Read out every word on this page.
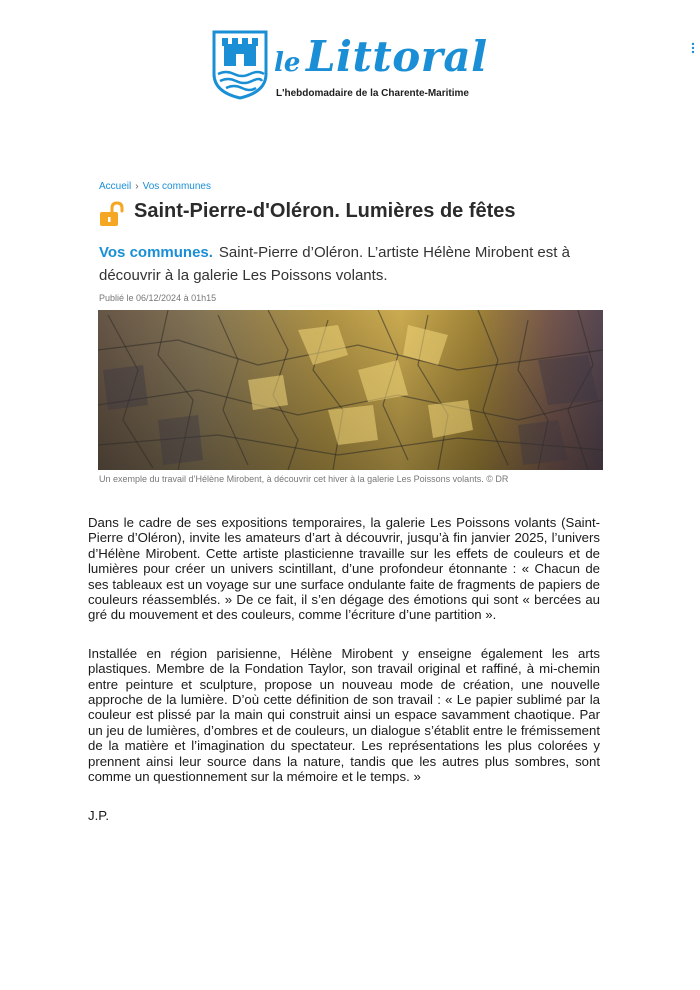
le Littoral
L'hebdomadaire de la Charente-Maritime
Accueil › Vos communes
Saint-Pierre-d'Oléron. Lumières de fêtes
Vos communes. Saint-Pierre d’Oléron. L’artiste Hélène Mirobent est à découvrir à la galerie Les Poissons volants.
Publié le 06/12/2024 à 01h15
Un exemple du travail d’Hélène Mirobent, à découvrir cet hiver à la galerie Les Poissons volants. © DR

Dans le cadre de ses expositions temporaires, la galerie Les Poissons volants (Saint-Pierre d’Oléron), invite les amateurs d’art à découvrir, jusqu’à fin janvier 2025, l’univers d’Hélène Mirobent. Cette artiste plasticienne travaille sur les effets de couleurs et de lumières pour créer un univers scintillant, d’une profondeur étonnante : « Chacun de ses tableaux est un voyage sur une surface ondulante faite de fragments de papiers de couleurs réassemblés. » De ce fait, il s’en dégage des émotions qui sont « bercées au gré du mouvement et des couleurs, comme l’écriture d’une partition ».

Installée en région parisienne, Hélène Mirobent y enseigne également les arts plastiques. Membre de la Fondation Taylor, son travail original et raffiné, à mi-chemin entre peinture et sculpture, propose un nouveau mode de création, une nouvelle approche de la lumière. D’où cette définition de son travail : « Le papier sublimé par la couleur est plissé par la main qui construit ainsi un espace savamment chaotique. Par un jeu de lumières, d’ombres et de couleurs, un dialogue s’établit entre le frémissement de la matière et l’imagination du spectateur. Les représentations les plus colorées y prennent ainsi leur source dans la nature, tandis que les autres plus sombres, sont comme un questionnement sur la mémoire et le temps. »

J.P.
